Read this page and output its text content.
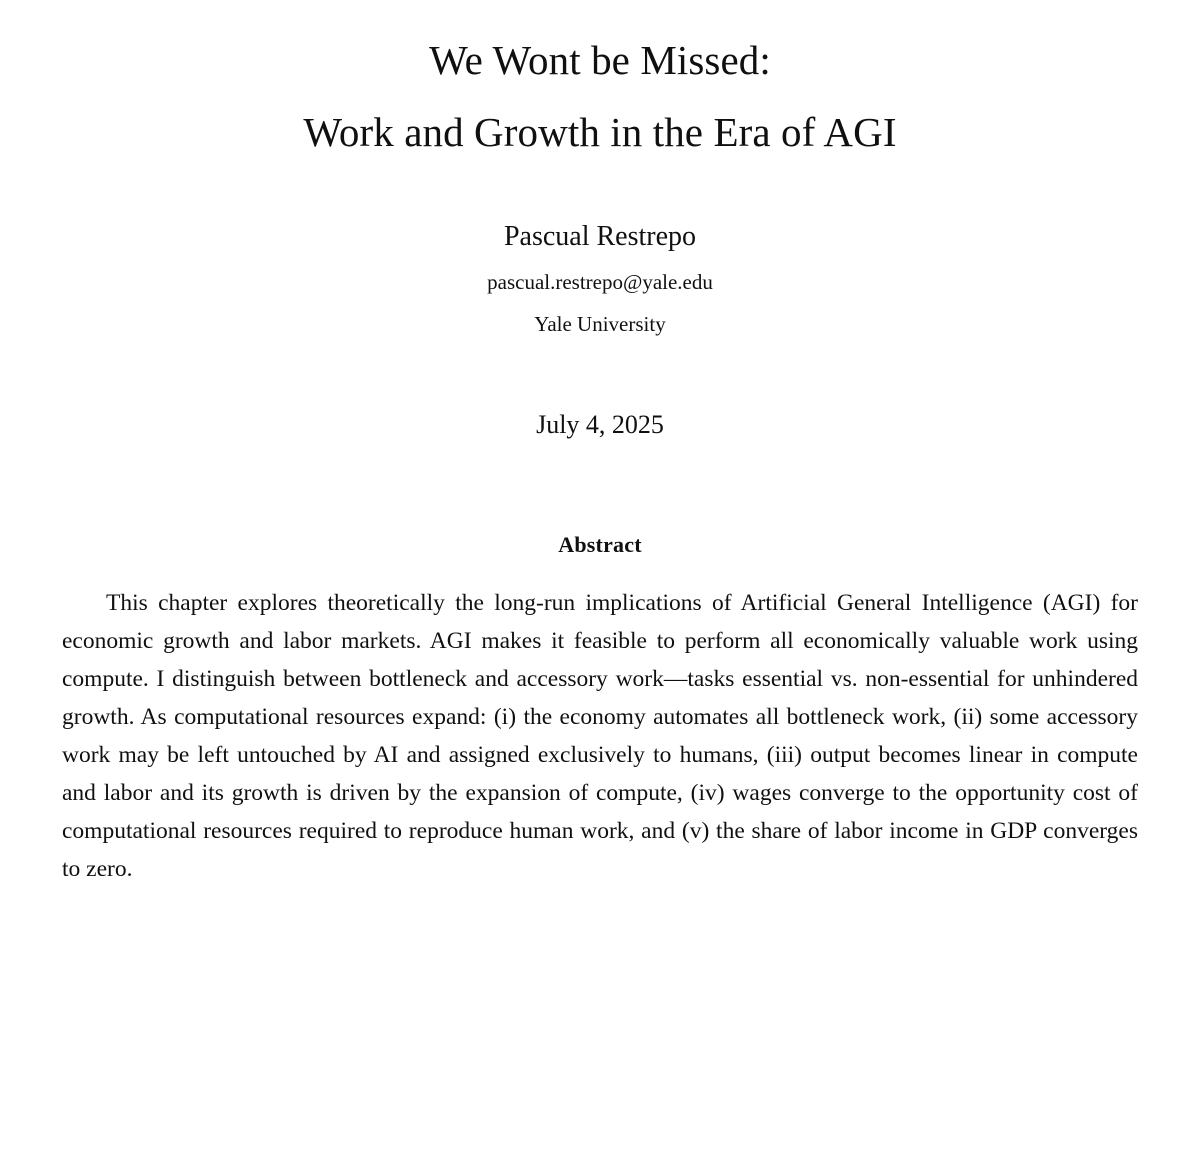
We Wont be Missed:
Work and Growth in the Era of AGI
Pascual Restrepo
pascual.restrepo@yale.edu
Yale University
July 4, 2025
Abstract
This chapter explores theoretically the long-run implications of Artificial General Intelligence (AGI) for economic growth and labor markets. AGI makes it feasible to perform all economically valuable work using compute. I distinguish between bottleneck and accessory work—tasks essential vs. non-essential for unhindered growth. As computational resources expand: (i) the economy automates all bottleneck work, (ii) some accessory work may be left untouched by AI and assigned exclusively to humans, (iii) output becomes linear in compute and labor and its growth is driven by the expansion of compute, (iv) wages converge to the opportunity cost of computational resources required to reproduce human work, and (v) the share of labor income in GDP converges to zero.
